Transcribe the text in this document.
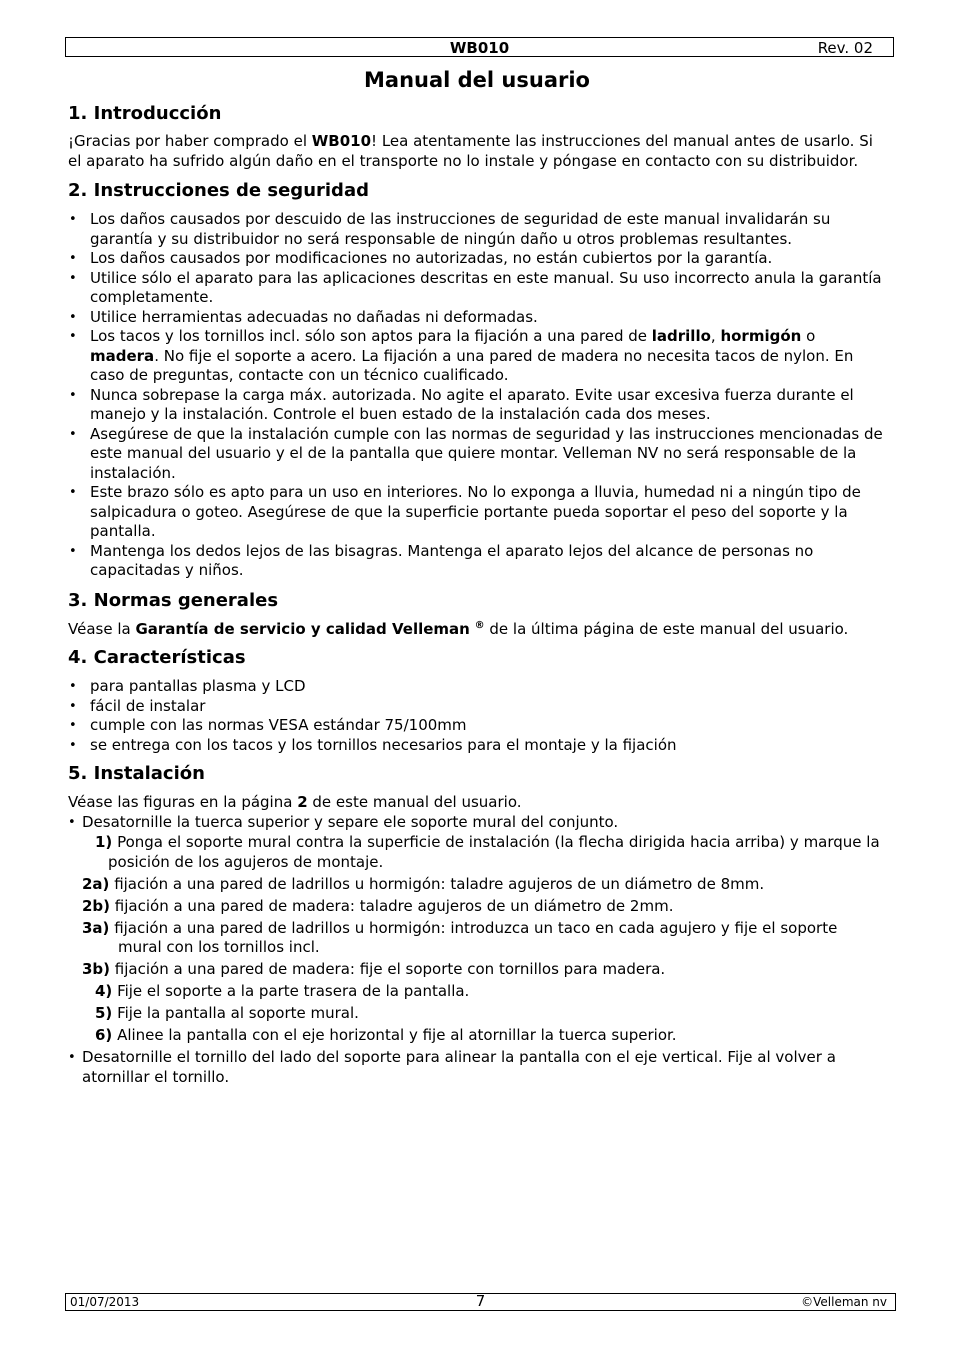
WB010	Rev. 02
Manual del usuario
1. Introducción

¡Gracias por haber comprado el WB010! Lea atentamente las instrucciones del manual antes de usarlo. Si el aparato ha sufrido algún daño en el transporte no lo instale y póngase en contacto con su distribuidor.

2. Instrucciones de seguridad
• Los daños causados por descuido de las instrucciones de seguridad de este manual invalidarán su garantía y su distribuidor no será responsable de ningún daño u otros problemas resultantes.
• Los daños causados por modificaciones no autorizadas, no están cubiertos por la garantía.
• Utilice sólo el aparato para las aplicaciones descritas en este manual. Su uso incorrecto anula la garantía completamente.
• Utilice herramientas adecuadas no dañadas ni deformadas.
• Los tacos y los tornillos incl. sólo son aptos para la fijación a una pared de ladrillo, hormigón o madera. No fije el soporte a acero. La fijación a una pared de madera no necesita tacos de nylon. En caso de preguntas, contacte con un técnico cualificado.
• Nunca sobrepase la carga máx. autorizada. No agite el aparato. Evite usar excesiva fuerza durante el manejo y la instalación. Controle el buen estado de la instalación cada dos meses.
• Asegúrese de que la instalación cumple con las normas de seguridad y las instrucciones mencionadas de este manual del usuario y el de la pantalla que quiere montar. Velleman NV no será responsable de la instalación.
• Este brazo sólo es apto para un uso en interiores. No lo exponga a lluvia, humedad ni a ningún tipo de salpicadura o goteo. Asegúrese de que la superficie portante pueda soportar el peso del soporte y la pantalla.
• Mantenga los dedos lejos de las bisagras. Mantenga el aparato lejos del alcance de personas no capacitadas y niños.
3. Normas generales

Véase la Garantía de servicio y calidad Velleman ® de la última página de este manual del usuario.

4. Características
• para pantallas plasma y LCD
• fácil de instalar
• cumple con las normas VESA estándar 75/100mm
• se entrega con los tacos y los tornillos necesarios para el montaje y la fijación
5. Instalación

Véase las figuras en la página 2 de este manual del usuario.

• Desatornille la tuerca superior y separe ele soporte mural del conjunto.
1) Ponga el soporte mural contra la superficie de instalación (la flecha dirigida hacia arriba) y marque la posición de los agujeros de montaje.
2a) fijación a una pared de ladrillos u hormigón: taladre agujeros de un diámetro de 8mm.
2b) fijación a una pared de madera: taladre agujeros de un diámetro de 2mm.
3a) fijación a una pared de ladrillos u hormigón: introduzca un taco en cada agujero y fije el soporte mural con los tornillos incl.
3b) fijación a una pared de madera: fije el soporte con tornillos para madera.
4) Fije el soporte a la parte trasera de la pantalla.
5) Fije la pantalla al soporte mural.
6) Alinee la pantalla con el eje horizontal y fije al atornillar la tuerca superior.
• Desatornille el tornillo del lado del soporte para alinear la pantalla con el eje vertical. Fije al volver a atornillar el tornillo.
01/07/2013	7	©Velleman nv
